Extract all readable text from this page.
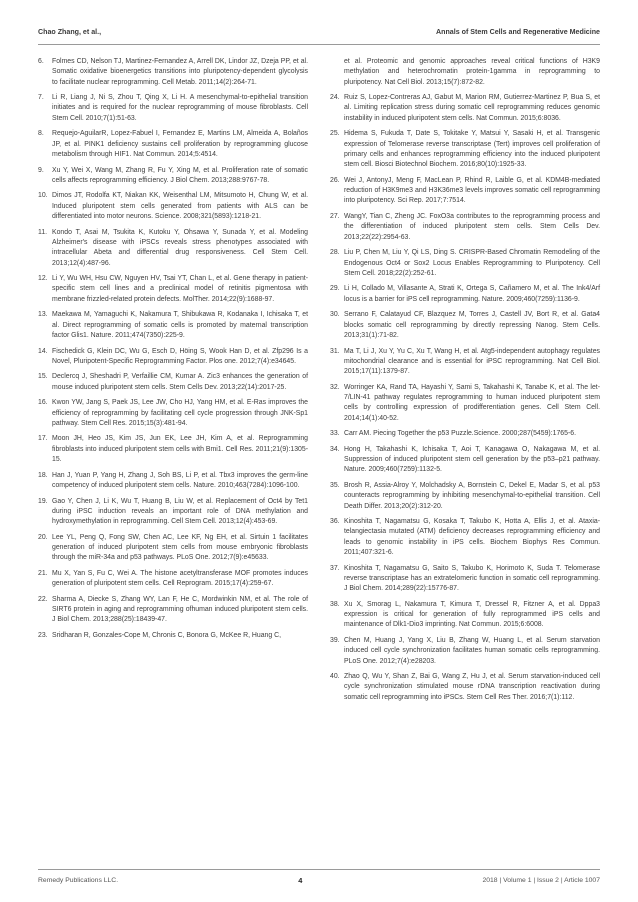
Chao Zhang, et al.,	Annals of Stem Cells and Regenerative Medicine
6.	Folmes CD, Nelson TJ, Martinez-Fernandez A, Arrell DK, Lindor JZ, Dzeja PP, et al. Somatic oxidative bioenergetics transitions into pluripotency-dependent glycolysis to facilitate nuclear reprogramming. Cell Metab. 2011;14(2):264-71.
7.	Li R, Liang J, Ni S, Zhou T, Qing X, Li H. A mesenchymal-to-epithelial transition initiates and is required for the nuclear reprogramming of mouse fibroblasts. Cell Stem Cell. 2010;7(1):51-63.
8.	Requejo-AguilarR, Lopez-Fabuel I, Fernandez E, Martins LM, Almeida A, Bolaños JP, et al. PINK1 deficiency sustains cell proliferation by reprogramming glucose metabolism through HIF1. Nat Commun. 2014;5:4514.
9.	Xu Y, Wei X, Wang M, Zhang R, Fu Y, Xing M, et al. Proliferation rate of somatic cells affects reprogramming efficiency. J Biol Chem. 2013;288:9767-78.
10. Dimos JT, Rodolfa KT, Niakan KK, Weisenthal LM, Mitsumoto H, Chung W, et al. Induced pluripotent stem cells generated from patients with ALS can be differentiated into motor neurons. Science. 2008;321(5893):1218-21.
11. Kondo T, Asai M, Tsukita K, Kutoku Y, Ohsawa Y, Sunada Y, et al. Modeling Alzheimer's disease with iPSCs reveals stress phenotypes associated with intracellular Abeta and differential drug responsiveness. Cell Stem Cell. 2013;12(4):487-96.
12. Li Y, Wu WH, Hsu CW, Nguyen HV, Tsai YT, Chan L, et al. Gene therapy in patient-specific stem cell lines and a preclinical model of retinitis pigmentosa with membrane frizzled-related protein defects. MolTher. 2014;22(9):1688-97.
13. Maekawa M, Yamaguchi K, Nakamura T, Shibukawa R, Kodanaka I, Ichisaka T, et al. Direct reprogramming of somatic cells is promoted by maternal transcription factor Glis1. Nature. 2011;474(7350):225-9.
14. Fischedick G, Klein DC, Wu G, Esch D, Höing S, Wook Han D, et al. Zfp296 Is a Novel, Pluripotent-Specific Reprogramming Factor. Plos one. 2012;7(4):e34645.
15. Declercq J, Sheshadri P, Verfaillie CM, Kumar A. Zic3 enhances the generation of mouse induced pluripotent stem cells. Stem Cells Dev. 2013;22(14):2017-25.
16. Kwon YW, Jang S, Paek JS, Lee JW, Cho HJ, Yang HM, et al. E-Ras improves the efficiency of reprogramming by facilitating cell cycle progression through JNK-Sp1 pathway. Stem Cell Res. 2015;15(3):481-94.
17. Moon JH, Heo JS, Kim JS, Jun EK, Lee JH, Kim A, et al. Reprogramming fibroblasts into induced pluripotent stem cells with Bmi1. Cell Res. 2011;21(9):1305-15.
18. Han J, Yuan P, Yang H, Zhang J, Soh BS, Li P, et al. Tbx3 improves the germ-line competency of induced pluripotent stem cells. Nature. 2010;463(7284):1096-100.
19. Gao Y, Chen J, Li K, Wu T, Huang B, Liu W, et al. Replacement of Oct4 by Tet1 during iPSC induction reveals an important role of DNA methylation and hydroxymethylation in reprogramming. Cell Stem Cell. 2013;12(4):453-69.
20. Lee YL, Peng Q, Fong SW, Chen AC, Lee KF, Ng EH, et al. Sirtuin 1 facilitates generation of induced pluripotent stem cells from mouse embryonic fibroblasts through the miR-34a and p53 pathways. PLoS One. 2012;7(9):e45633.
21. Mu X, Yan S, Fu C, Wei A. The histone acetyltransferase MOF promotes induces generation of pluripotent stem cells. Cell Reprogram. 2015;17(4):259-67.
22. Sharma A, Diecke S, Zhang WY, Lan F, He C, Mordwinkin NM, et al. The role of SIRT6 protein in aging and reprogramming ofhuman induced pluripotent stem cells. J Biol Chem. 2013;288(25):18439-47.
23. Sridharan R, Gonzales-Cope M, Chronis C, Bonora G, McKee R, Huang C,
et al. Proteomic and genomic approaches reveal critical functions of H3K9 methylation and heterochromatin protein-1gamma in reprogramming to pluripotency. Nat Cell Biol. 2013;15(7):872-82.
24. Ruiz S, Lopez-Contreras AJ, Gabut M, Marion RM, Gutierrez-Martinez P, Bua S, et al. Limiting replication stress during somatic cell reprogramming reduces genomic instability in induced pluripotent stem cells. Nat Commun. 2015;6:8036.
25. Hidema S, Fukuda T, Date S, Tokitake Y, Matsui Y, Sasaki H, et al. Transgenic expression of Telomerase reverse transcriptase (Tert) improves cell proliferation of primary cells and enhances reprogramming efficiency into the induced pluripotent stem cell. Biosci Biotechnol Biochem. 2016;80(10):1925-33.
26. Wei J, AntonyJ, Meng F, MacLean P, Rhind R, Laible G, et al. KDM4B-mediated reduction of H3K9me3 and H3K36me3 levels improves somatic cell reprogramming into pluripotency. Sci Rep. 2017;7:7514.
27. WangY, Tian C, Zheng JC. FoxO3a contributes to the reprogramming process and the differentiation of induced pluripotent stem cells. Stem Cells Dev. 2013;22(22):2954-63.
28. Liu P, Chen M, Liu Y, Qi LS, Ding S. CRISPR-Based Chromatin Remodeling of the Endogenous Oct4 or Sox2 Locus Enables Reprogramming to Pluripotency. Cell Stem Cell. 2018;22(2):252-61.
29. Li H, Collado M, Villasante A, Strati K, Ortega S, Cañamero M, et al. The Ink4/Arf locus is a barrier for iPS cell reprogramming. Nature. 2009;460(7259):1136-9.
30. Serrano F, Calatayud CF, Blazquez M, Torres J, Castell JV, Bort R, et al. Gata4 blocks somatic cell reprogramming by directly repressing Nanog. Stem Cells. 2013;31(1):71-82.
31. Ma T, Li J, Xu Y, Yu C, Xu T, Wang H, et al. Atg5-independent autophagy regulates mitochondrial clearance and is essential for iPSC reprogramming. Nat Cell Biol. 2015;17(11):1379-87.
32. Worringer KA, Rand TA, Hayashi Y, Sami S, Takahashi K, Tanabe K, et al. The let-7/LIN-41 pathway regulates reprogramming to human induced pluripotent stem cells by controlling expression of prodifferentiation genes. Cell Stem Cell. 2014;14(1):40-52.
33. Carr AM. Piecing Together the p53 Puzzle.Science. 2000;287(5459):1765-6.
34. Hong H, Takahashi K, Ichisaka T, Aoi T, Kanagawa O, Nakagawa M, et al. Suppression of induced pluripotent stem cell generation by the p53–p21 pathway. Nature. 2009;460(7259):1132-5.
35. Brosh R, Assia-Alroy Y, Molchadsky A, Bornstein C, Dekel E, Madar S, et al. p53 counteracts reprogramming by inhibiting mesenchymal-to-epithelial transition. Cell Death Differ. 2013;20(2):312-20.
36. Kinoshita T, Nagamatsu G, Kosaka T, Takubo K, Hotta A, Ellis J, et al. Ataxia-telangiectasia mutated (ATM) deficiency decreases reprogramming efficiency and leads to genomic instability in iPS cells. Biochem Biophys Res Commun. 2011;407:321-6.
37. Kinoshita T, Nagamatsu G, Saito S, Takubo K, Horimoto K, Suda T. Telomerase reverse transcriptase has an extratelomeric function in somatic cell reprogramming. J Biol Chem. 2014;289(22):15776-87.
38. Xu X, Smorag L, Nakamura T, Kimura T, Dressel R, Fitzner A, et al. Dppa3 expression is critical for generation of fully reprogrammed iPS cells and maintenance of Dlk1-Dio3 imprinting. Nat Commun. 2015;6:6008.
39. Chen M, Huang J, Yang X, Liu B, Zhang W, Huang L, et al. Serum starvation induced cell cycle synchronization facilitates human somatic cells reprogramming. PLoS One. 2012;7(4):e28203.
40. Zhao Q, Wu Y, Shan Z, Bai G, Wang Z, Hu J, et al. Serum starvation-induced cell cycle synchronization stimulated mouse rDNA transcription reactivation during somatic cell reprogramming into iPSCs. Stem Cell Res Ther. 2016;7(1):112.
Remedy Publications LLC.	4	2018 | Volume 1 | Issue 2 | Article 1007
